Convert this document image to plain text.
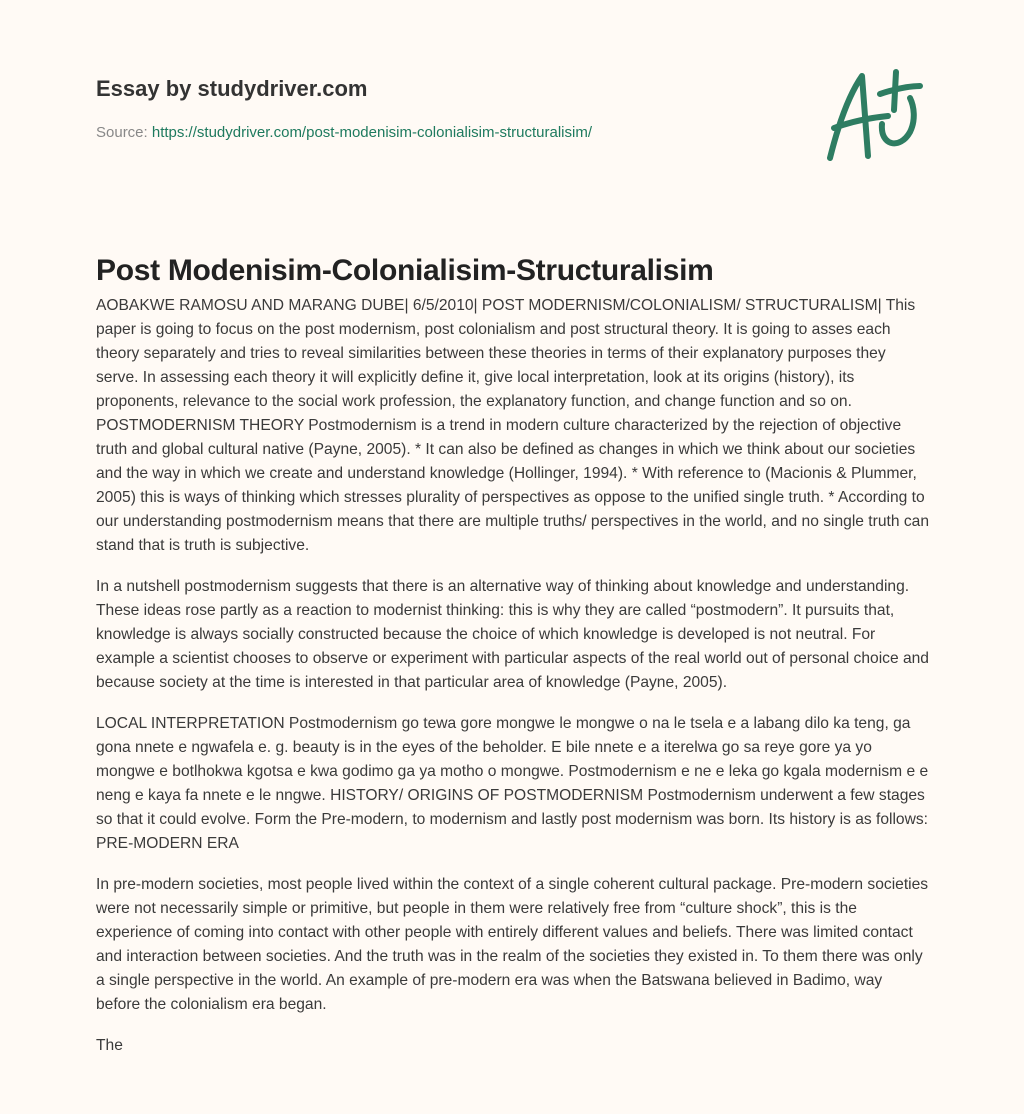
Essay by studydriver.com
Source: https://studydriver.com/post-modenisim-colonialisim-structuralisim/
Post Modenisim-Colonialisim-Structuralisim

AOBAKWE RAMOSU AND MARANG DUBE| 6/5/2010| POST MODERNISM/COLONIALISM/ STRUCTURALISM| This paper is going to focus on the post modernism, post colonialism and post structural theory. It is going to asses each theory separately and tries to reveal similarities between these theories in terms of their explanatory purposes they serve. In assessing each theory it will explicitly define it, give local interpretation, look at its origins (history), its proponents, relevance to the social work profession, the explanatory function, and change function and so on. POSTMODERNISM THEORY Postmodernism is a trend in modern culture characterized by the rejection of objective truth and global cultural native (Payne, 2005). * It can also be defined as changes in which we think about our societies and the way in which we create and understand knowledge (Hollinger, 1994). * With reference to (Macionis & Plummer, 2005) this is ways of thinking which stresses plurality of perspectives as oppose to the unified single truth. * According to our understanding postmodernism means that there are multiple truths/ perspectives in the world, and no single truth can stand that is truth is subjective.

In a nutshell postmodernism suggests that there is an alternative way of thinking about knowledge and understanding. These ideas rose partly as a reaction to modernist thinking: this is why they are called “postmodern”. It pursuits that, knowledge is always socially constructed because the choice of which knowledge is developed is not neutral. For example a scientist chooses to observe or experiment with particular aspects of the real world out of personal choice and because society at the time is interested in that particular area of knowledge (Payne, 2005).

LOCAL INTERPRETATION Postmodernism go tewa gore mongwe le mongwe o na le tsela e a labang dilo ka teng, ga gona nnete e ngwafela e. g. beauty is in the eyes of the beholder. E bile nnete e a iterelwa go sa reye gore ya yo mongwe e botlhokwa kgotsa e kwa godimo ga ya motho o mongwe. Postmodernism e ne e leka go kgala modernism e e neng e kaya fa nnete e le nngwe. HISTORY/ ORIGINS OF POSTMODERNISM Postmodernism underwent a few stages so that it could evolve. Form the Pre-modern, to modernism and lastly post modernism was born. Its history is as follows: PRE-MODERN ERA

In pre-modern societies, most people lived within the context of a single coherent cultural package. Pre-modern societies were not necessarily simple or primitive, but people in them were relatively free from “culture shock”, this is the experience of coming into contact with other people with entirely different values and beliefs. There was limited contact and interaction between societies. And the truth was in the realm of the societies they existed in. To them there was only a single perspective in the world. An example of pre-modern era was when the Batswana believed in Badimo, way before the colonialism era began.

The
